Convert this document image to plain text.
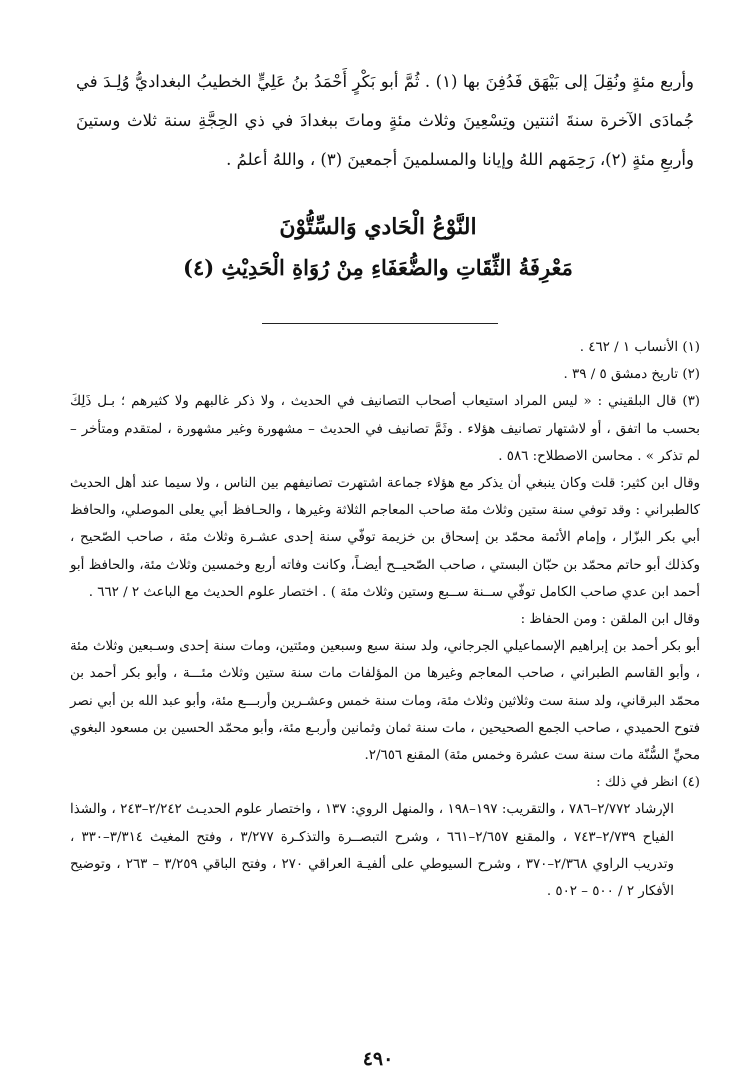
وأربع مئةٍ ونُقِلَ إلى بَيْهَق فَدُفِنَ بها (١) . ثُمَّ أبو بَكْرٍ أَحْمَدُ بنُ عَلِيٍّ الخطيبُ البغداديُّ وُلِـدَ في جُمادَى الآخرة سنةَ اثنتين وتِسْعِينَ وثلاث مئةٍ وماتَ ببغدادَ في ذي الحِجَّةِ سنة ثلاث وستينَ وأربعِ مئةٍ (٢)، رَحِمَهم اللهُ وإيانا والمسلمينَ أجمعينَ (٣) ، واللهُ أعلمُ .

النَّوْعُ الْحَادي وَالسِّتُّوْنَ
مَعْرِفَةُ الثِّقَاتِ والضُّعَفَاءِ مِنْ رُوَاةِ الْحَدِيْثِ (٤)
(١) الأنساب ١ / ٤٦٢ .
(٢) تاريخ دمشق ٥ / ٣٩ .
(٣) قال البلقيني : « ليس المراد استيعاب أصحاب التصانيف في الحديث ، ولا ذكر غالبهم ولا كثيرهم ؛ بـل ذَلِكَ بحسب ما اتفق ، أو لاشتهار تصانيف هؤلاء . وثَمَّ تصانيف في الحديث – مشهورة وغير مشهورة ، لمتقدم ومتأخر – لم تذكر » . محاسن الاصطلاح: ٥٨٦ .
وقال ابن كثير: قلت وكان ينبغي أن يذكر مع هؤلاء جماعة اشتهرت تصانيفهم بين الناس ، ولا سيما عند أهل الحديث كالطبراني : وقد توفي سنة ستين وثلاث مئة صاحب المعاجم الثلاثة وغيرها ، والحـافظ أبي يعلى الموصلي، والحافظ أبي بكر البزّار ، وإمام الأئمة محمّد بن إسحاق بن خزيمة توفّي سنة إحدى عشـرة وثلاث مئة ، صاحب الصّحيح ، وكذلك أبو حاتم محمّد بن حبّان البستي ، صاحب الصّحيــح أيضـاً، وكانت وفاته أربع وخمسين وثلاث مئة، والحافظ أبو أحمد ابن عدي صاحب الكامل توفّي ســنة ســبع وستين وثلاث مئة ) . اختصار علوم الحديث مع الباعث ٢ / ٦٦٢ .
وقال ابن الملقن : ومن الحفاظ :
أبو بكر أحمد بن إبراهيم الإسماعيلي الجرجاني، ولد سنة سبع وسبعين ومئتين، ومات سنة إحدى وسـبعين وثلاث مئة ، وأبو القاسم الطبراني ، صاحب المعاجم وغيرها من المؤلفات مات سنة ستين وثلاث مئـــة ، وأبو بكر أحمد بن محمّد البرقاني، ولد سنة ست وثلاثين وثلاث مئة، ومات سنة خمس وعشـرين وأربـــع مئة، وأبو عبد الله بن أبي نصر فتوح الحميدي ، صاحب الجمع الصحيحين ، مات سنة ثمان وثمانين وأربـع مئة، وأبو محمّد الحسين بن مسعود البغوي محيِّ السُّنّة مات سنة ست عشرة وخمس مئة) المقنع ٢/٦٥٦.
(٤) انظر في ذلك :
الإرشاد ٢/٧٧٢–٧٨٦ ، والتقريب: ١٩٧–١٩٨ ، والمنهل الروي: ١٣٧ ، واختصار علوم الحديـث ٢/٢٤٢–٢٤٣ ، والشذا الفياح ٢/٧٣٩–٧٤٣ ، والمقنع ٢/٦٥٧–٦٦١ ، وشرح التبصــرة والتذكـرة ٣/٢٧٧ ، وفتح المغيث ٣/٣١٤–٣٣٠ ، وتدريب الراوي ٢/٣٦٨–٣٧٠ ، وشرح السيوطي على ألفيـة العراقي ٢٧٠ ، وفتح الباقي ٣/٢٥٩ – ٢٦٣ ، وتوضيح الأفكار ٢ / ٥٠٠ – ٥٠٢ .
٤٩٠
